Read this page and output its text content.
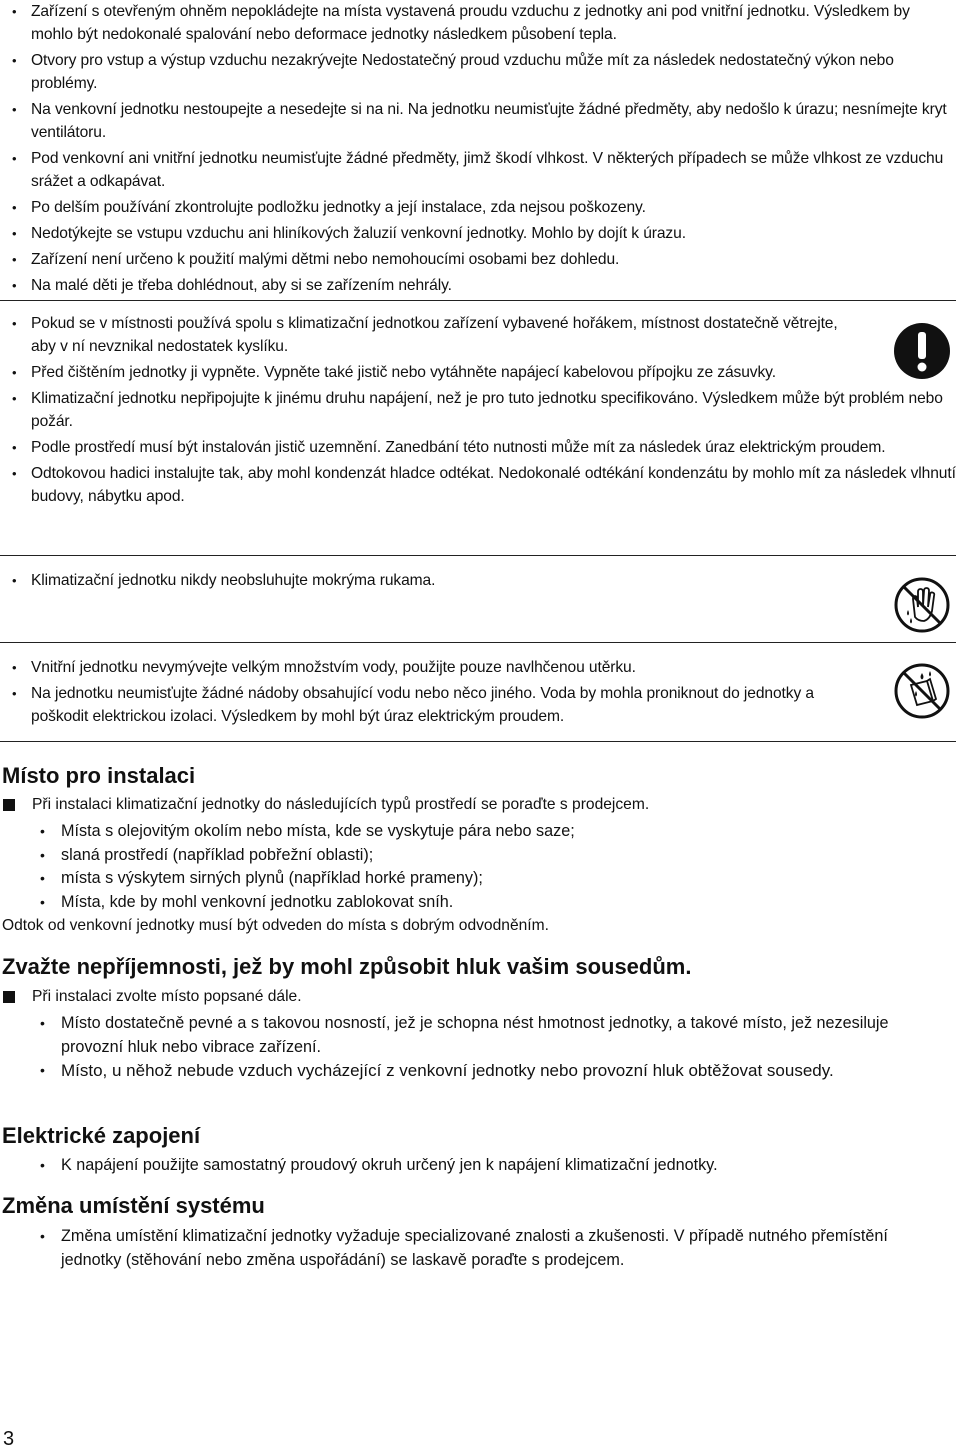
• Zařízení s otevřeným ohněm nepokládejte na místa vystavená proudu vzduchu z jednotky ani pod vnitřní jednotku. Výsledkem by mohlo být nedokonalé spalování nebo deformace jednotky následkem působení tepla.
• Otvory pro vstup a výstup vzduchu nezakrývejte Nedostatečný proud vzduchu může mít za následek nedostatečný výkon nebo problémy.
• Na venkovní jednotku nestoupejte a nesedejte si na ni. Na jednotku neumisťujte žádné předměty, aby nedošlo k úrazu; nesnímejte kryt ventilátoru.
• Pod venkovní ani vnitřní jednotku neumisťujte žádné předměty, jimž škodí vlhkost. V některých případech se může vlhkost ze vzduchu srážet a odkapávat.
• Po delším používání zkontrolujte podložku jednotky a její instalace, zda nejsou poškozeny.
• Nedotýkejte se vstupu vzduchu ani hliníkových žaluzií venkovní jednotky. Mohlo by dojít k úrazu.
• Zařízení není určeno k použití malými dětmi nebo nemohoucími osobami bez dohledu.
• Na malé děti je třeba dohlédnout, aby si se zařízením nehrály.
• Pokud se v místnosti používá spolu s klimatizační jednotkou zařízení vybavené hořákem, místnost dostatečně větrejte, aby v ní nevznikal nedostatek kyslíku.
• Před čištěním jednotky ji vypněte. Vypněte také jistič nebo vytáhněte napájecí kabelovou přípojku ze zásuvky.
• Klimatizační jednotku nepřipojujte k jinému druhu napájení, než je pro tuto jednotku specifikováno. Výsledkem může být problém nebo požár.
• Podle prostředí musí být instalován jistič uzemnění. Zanedbání této nutnosti může mít za následek úraz elektrickým proudem.
• Odtokovou hadici instalujte tak, aby mohl kondenzát hladce odtékat. Nedokonalé odtékání kondenzátu by mohlo mít za následek vlhnutí budovy, nábytku apod.
• Klimatizační jednotku nikdy neobsluhujte mokrýma rukama.
• Vnitřní jednotku nevymývejte velkým množstvím vody, použijte pouze navlhčenou utěrku.
• Na jednotku neumisťujte žádné nádoby obsahující vodu nebo něco jiného. Voda by mohla proniknout do jednotky a poškodit elektrickou izolaci. Výsledkem by mohl být úraz elektrickým proudem.
Místo pro instalaci
Při instalaci klimatizační jednotky do následujících typů prostředí se poraďte s prodejcem.
• Místa s olejovitým okolím nebo místa, kde se vyskytuje pára nebo saze;
• slaná prostředí (například pobřežní oblasti);
• místa s výskytem sirných plynů (například horké prameny);
• Místa, kde by mohl venkovní jednotku zablokovat sníh.
Odtok od venkovní jednotky musí být odveden do místa s dobrým odvodněním.
Zvažte nepříjemnosti, jež by mohl způsobit hluk vašim sousedům.
Při instalaci zvolte místo popsané dále.
• Místo dostatečně pevné a s takovou nosností, jež je schopna nést hmotnost jednotky, a takové místo, jež nezesiluje provozní hluk nebo vibrace zařízení.
• Místo, u něhož nebude vzduch vycházející z venkovní jednotky nebo provozní hluk obtěžovat sousedy.
Elektrické zapojení
• K napájení použijte samostatný proudový okruh určený jen k napájení klimatizační jednotky.
Změna umístění systému
• Změna umístění klimatizační jednotky vyžaduje specializované znalosti a zkušenosti. V případě nutného přemístění jednotky (stěhování nebo změna uspořádání) se laskavě poraďte s prodejcem.
3
